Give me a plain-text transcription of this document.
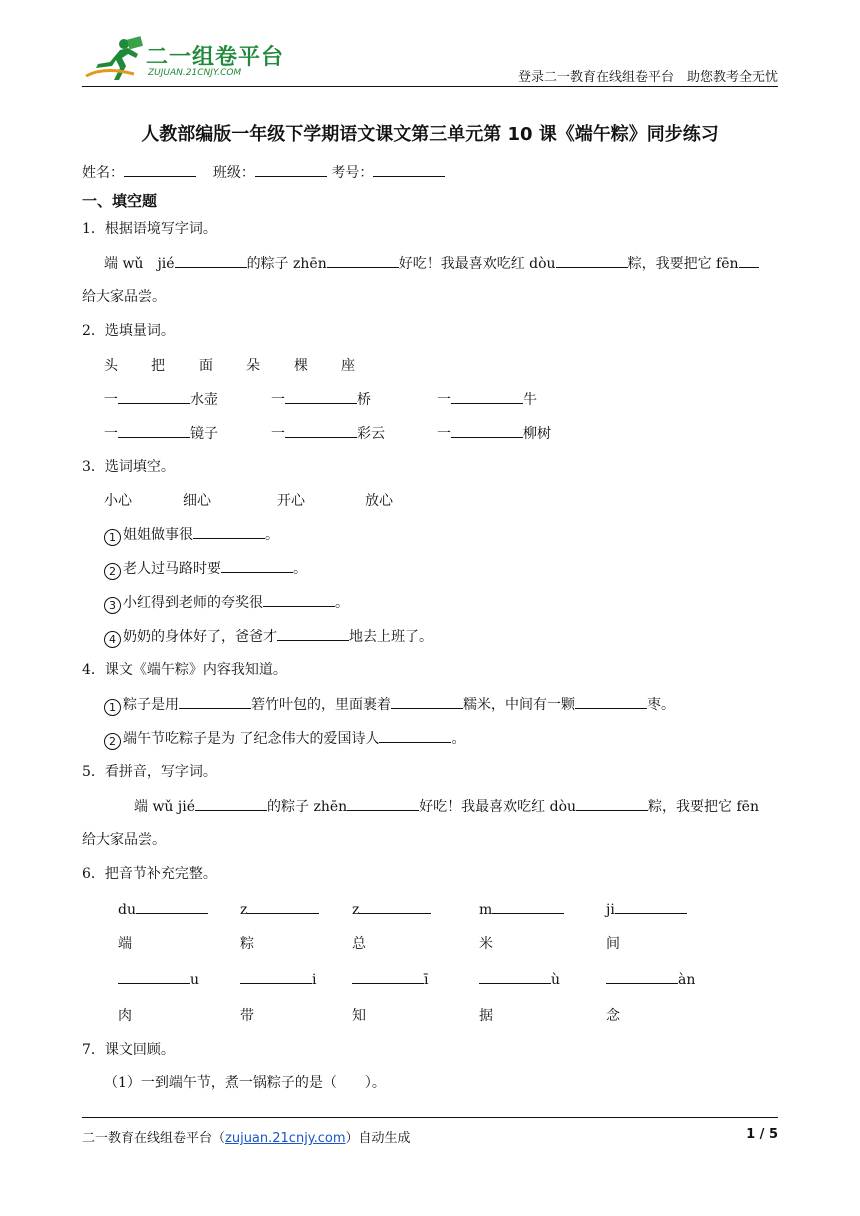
二一组卷平台
ZUJUAN.21CNJY.COM	登录二一教育在线组卷平台　助您教考全无忧
人教部编版一年级下学期语文课文第三单元第 10 课《端午粽》同步练习
姓名：	班级：	考号：
一、填空题
1．根据语境写字词。
端 wǔ　jié	的粽子 zhēn	好吃！我最喜欢吃红 dòu	粽，我要把它 fēn
给大家品尝。
2．选填量词。
头 把 面 朵 棵 座
一	水壶	一	桥	一	牛
一	镜子	一	彩云	一	柳树
3．选词填空。
小心	细心	开心	放心
1 姐姐做事很	。
2 老人过马路时要	。
3 小红得到老师的夸奖很	。
4 奶奶的身体好了，爸爸才	地去上班了。
4．课文《端午粽》内容我知道。
1 粽子是用	箬竹叶包的，里面裹着	糯米，中间有一颗	枣。
2 端午节吃粽子是为 了纪念伟大的爱国诗人	。
5．看拼音，写字词。
端 wǔ jié	的粽子 zhēn	好吃！我最喜欢吃红 dòu	粽，我要把它 fēn
给大家品尝。
6．把音节补充完整。
du	z	z	m	ji
端	粽	总	米	间
u	i	ī	ù	àn
肉	带	知	据	念
7．课文回顾。
（1）一到端午节，煮一锅粽子的是（　　）。
二一教育在线组卷平台（zujuan.21cnjy.com）自动生成	1 / 5
